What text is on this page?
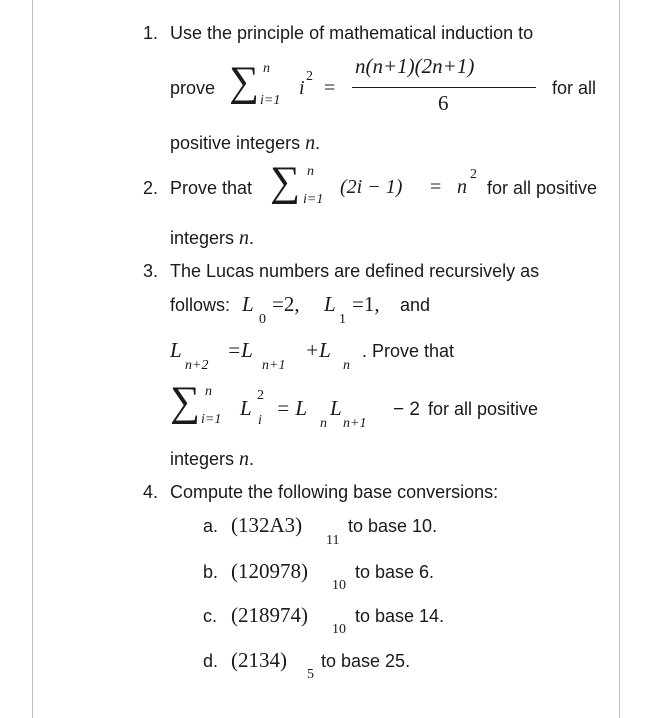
1. Use the principle of mathematical induction to
prove ∑ n
i=1
i
2
=
n(n+1)(2n+1)
6
for all
positive integers n.
2. Prove that ∑ n
i=1
(2i − 1) = n
2
for all positive
integers n.
3. The Lucas numbers are defined recursively as
follows: L
0
=2, L
1
=1, and
L
n+2
=L
n+1
+L
n
. Prove that
∑ n
i=1 L
2
i
= L
n
L
n+1
− 2 for all positive
integers n.
4. Compute the following base conversions:
a. (132A3)
11
to base 10.
b. (120978)
10
to base 6.
c. (218974)
10
to base 14.
d. (2134)
5
to base 25.
